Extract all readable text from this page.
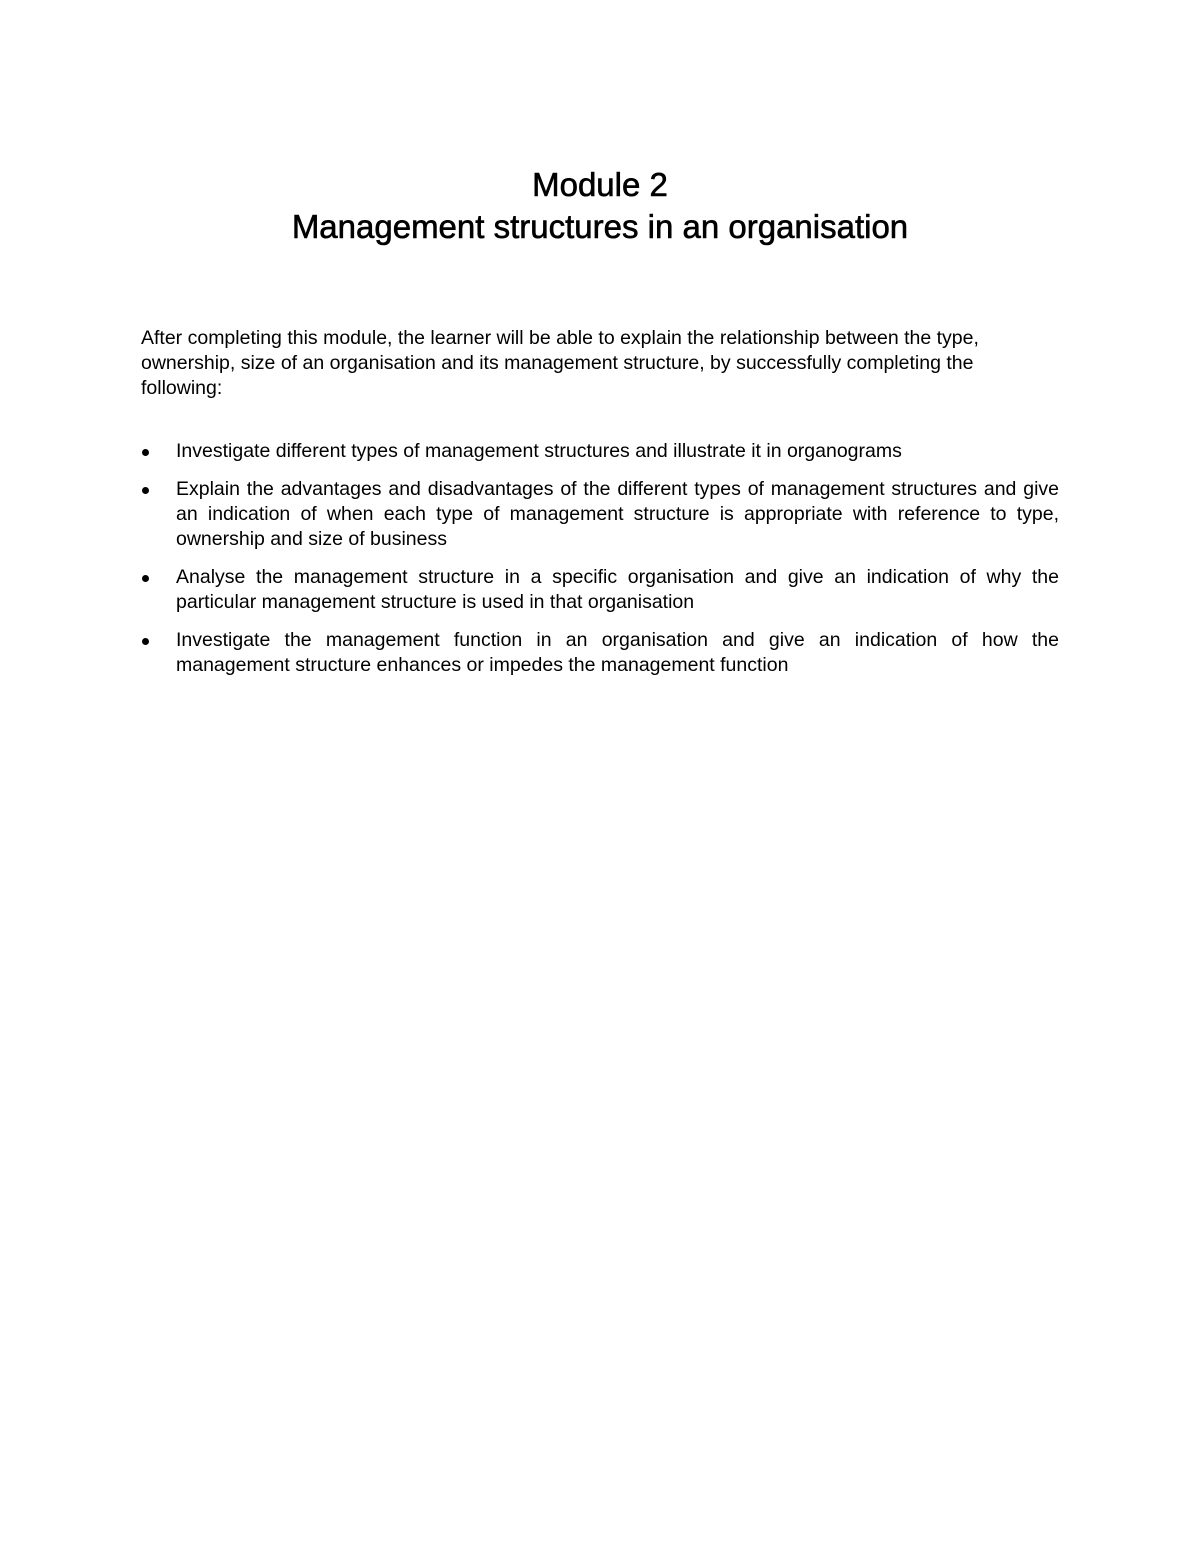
Module 2
Management structures in an organisation

After completing this module, the learner will be able to explain the relationship between the type, ownership, size of an organisation and its management structure, by successfully completing the following:

Investigate different types of management structures and illustrate it in organograms
Explain the advantages and disadvantages of the different types of management structures and give an indication of when each type of management structure is appropriate with reference to type, ownership and size of business
Analyse the management structure in a specific organisation and give an indication of why the particular management structure is used in that organisation
Investigate the management function in an organisation and give an indication of how the management structure enhances or impedes the management function
